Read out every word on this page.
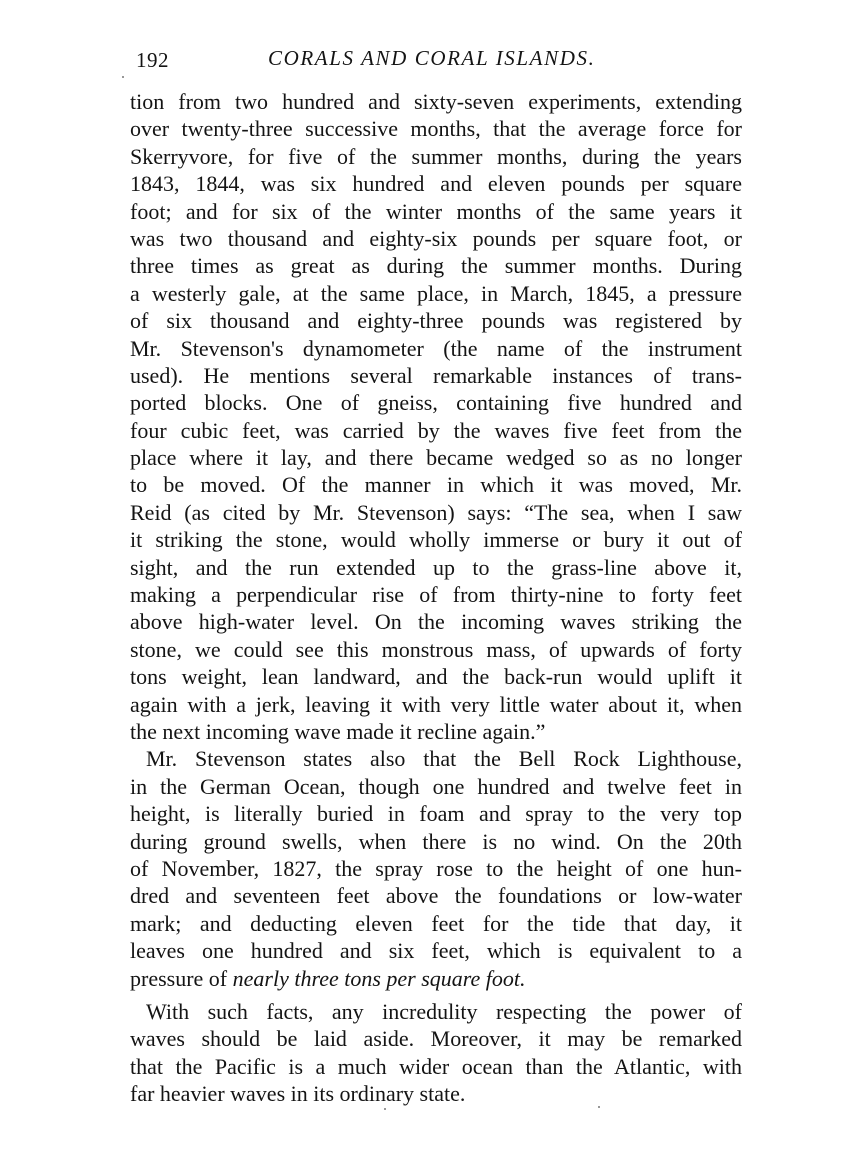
192	CORALS AND CORAL ISLANDS.
tion from two hundred and sixty-seven experiments, extending
over twenty-three successive months, that the average force for
Skerryvore, for five of the summer months, during the years
1843, 1844, was six hundred and eleven pounds per square
foot; and for six of the winter months of the same years it
was two thousand and eighty-six pounds per square foot, or
three times as great as during the summer months. During
a westerly gale, at the same place, in March, 1845, a pressure
of six thousand and eighty-three pounds was registered by
Mr. Stevenson's dynamometer (the name of the instrument
used). He mentions several remarkable instances of trans-
ported blocks. One of gneiss, containing five hundred and
four cubic feet, was carried by the waves five feet from the
place where it lay, and there became wedged so as no longer
to be moved. Of the manner in which it was moved, Mr.
Reid (as cited by Mr. Stevenson) says: “The sea, when I saw
it striking the stone, would wholly immerse or bury it out of
sight, and the run extended up to the grass-line above it,
making a perpendicular rise of from thirty-nine to forty feet
above high-water level. On the incoming waves striking the
stone, we could see this monstrous mass, of upwards of forty
tons weight, lean landward, and the back-run would uplift it
again with a jerk, leaving it with very little water about it, when
the next incoming wave made it recline again.”
Mr. Stevenson states also that the Bell Rock Lighthouse,
in the German Ocean, though one hundred and twelve feet in
height, is literally buried in foam and spray to the very top
during ground swells, when there is no wind. On the 20th
of November, 1827, the spray rose to the height of one hun-
dred and seventeen feet above the foundations or low-water
mark; and deducting eleven feet for the tide that day, it
leaves one hundred and six feet, which is equivalent to a
pressure of nearly three tons per square foot.
With such facts, any incredulity respecting the power of
waves should be laid aside. Moreover, it may be remarked
that the Pacific is a much wider ocean than the Atlantic, with
far heavier waves in its ordinary state.
